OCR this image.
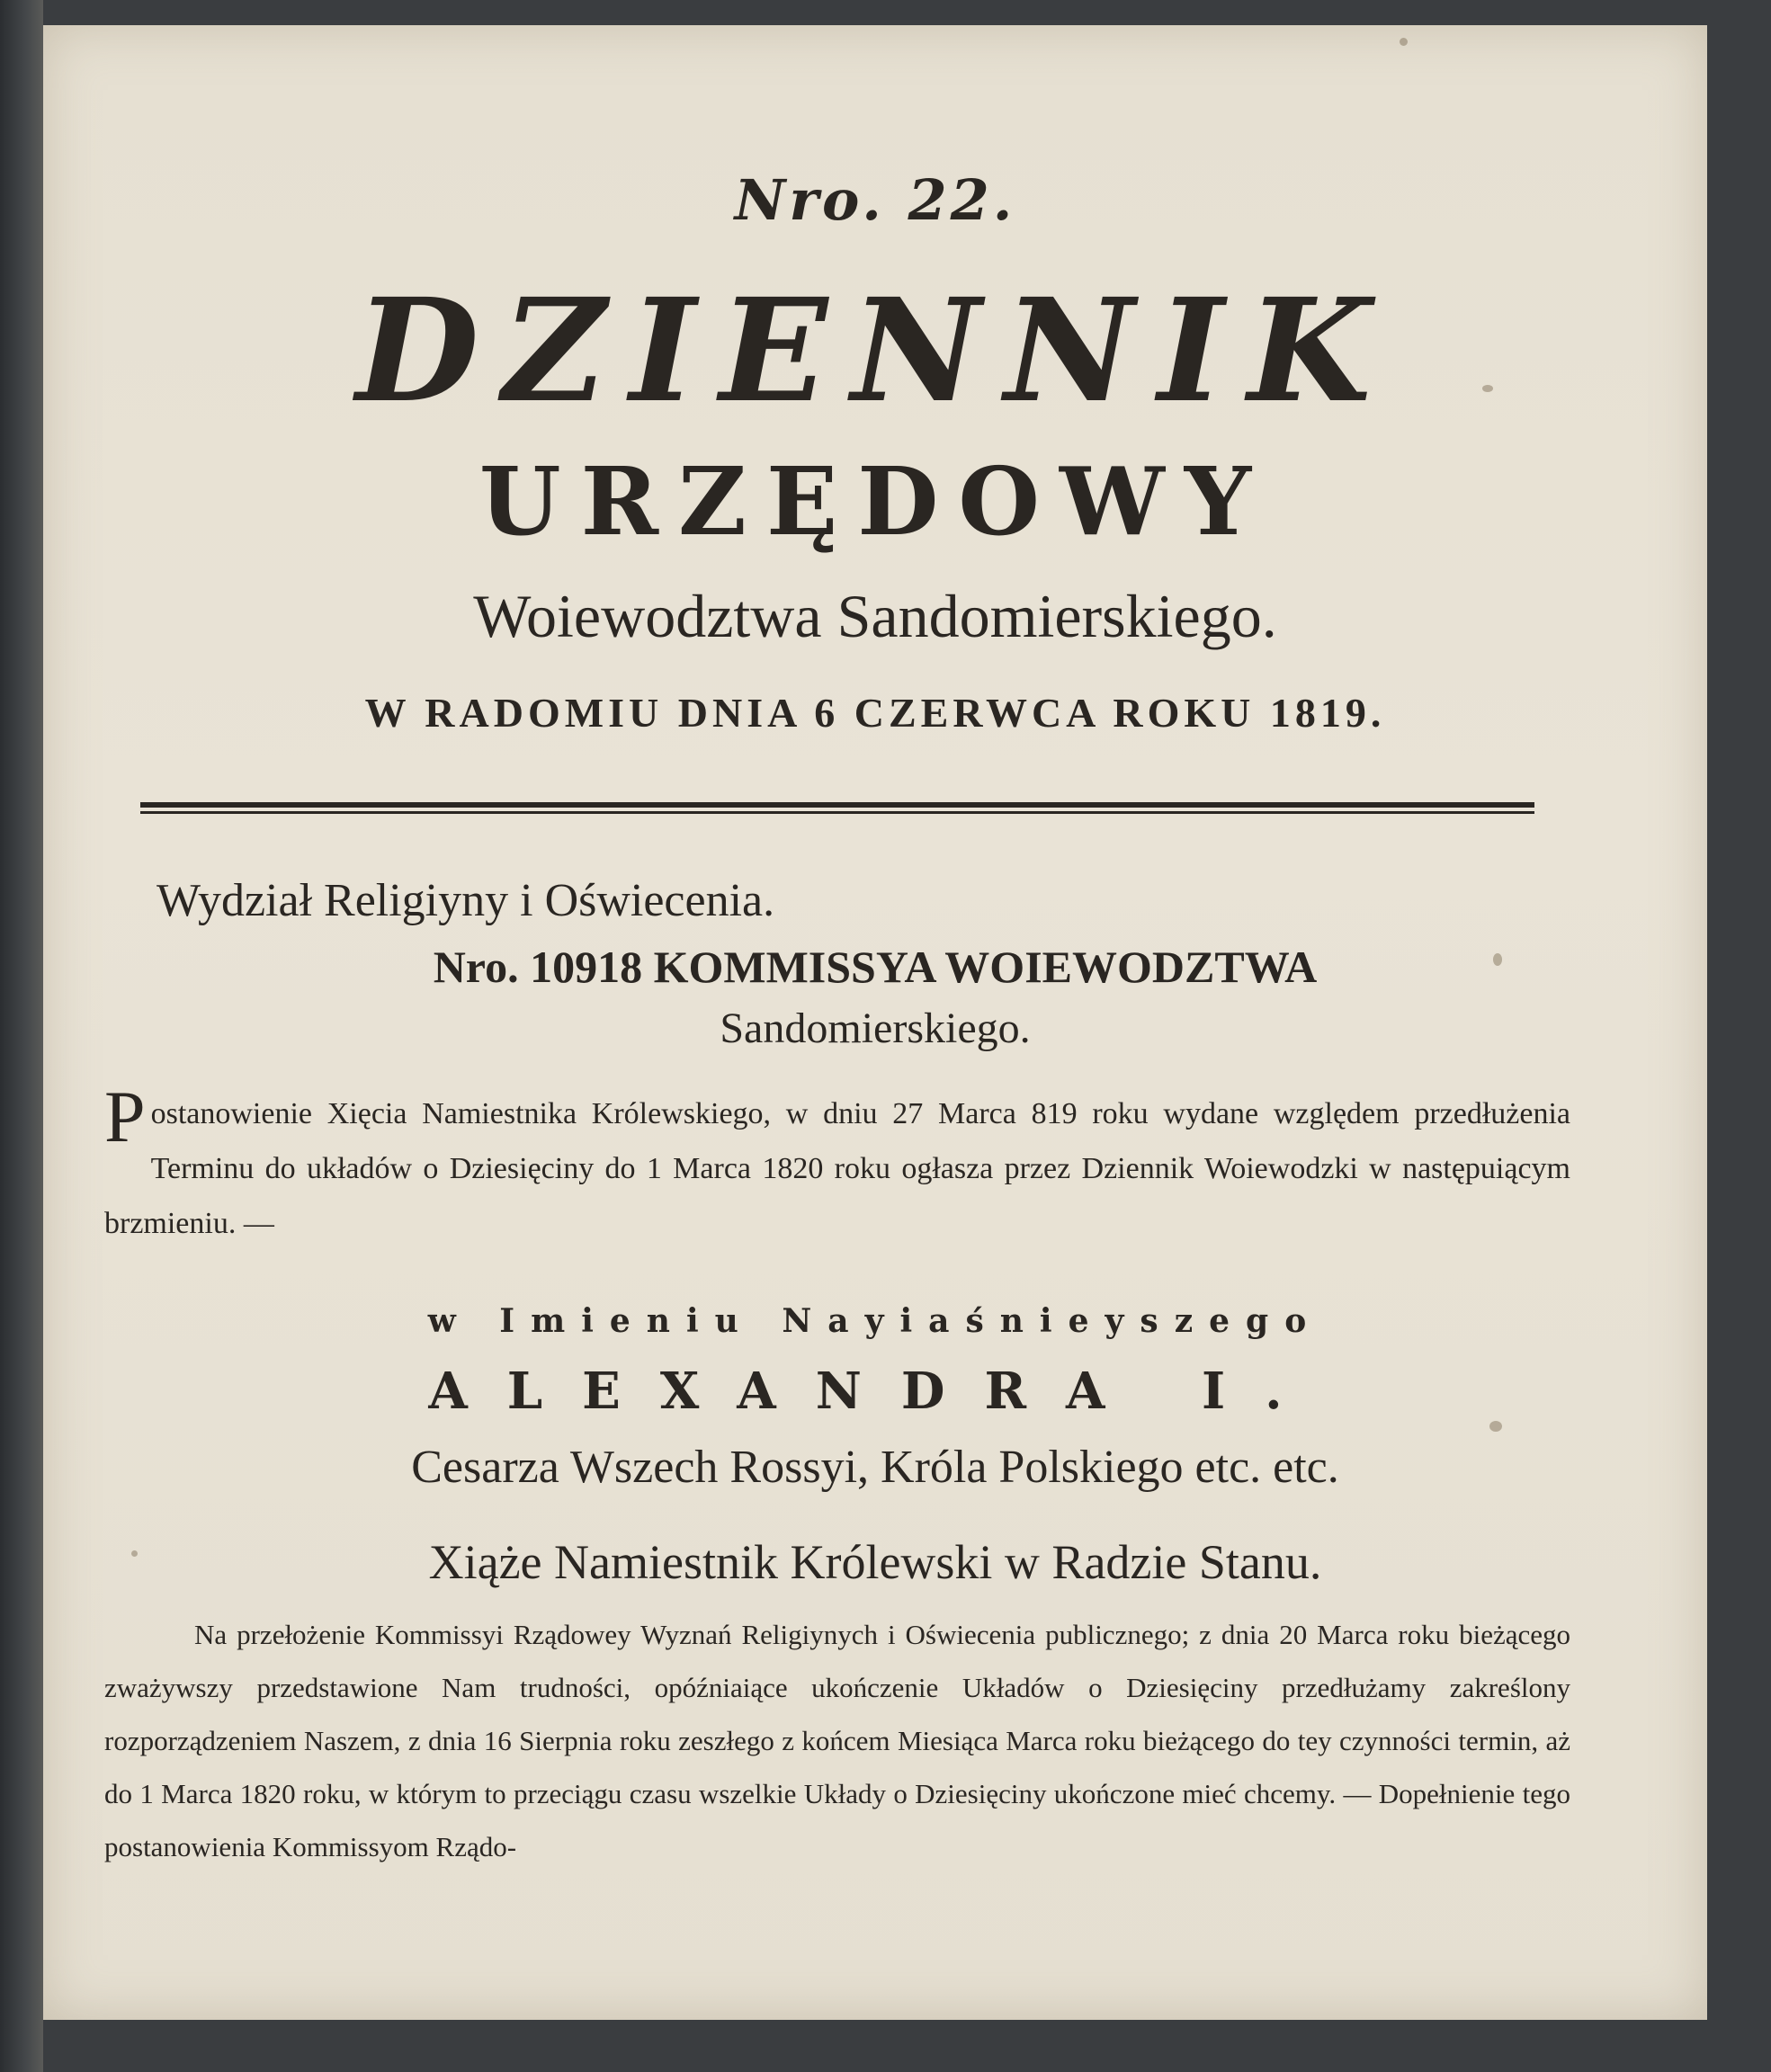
Nro. 22.
DZIENNIK
URZĘDOWY
Woiewodztwa Sandomierskiego.
W RADOMIU DNIA 6 CZERWCA ROKU 1819.
Wydział Religiyny i Oświecenia.
Nro. 10918 KOMMISSYA WOIEWODZTWA
Sandomierskiego.
P ostanowienie Xięcia Namiestnika Królewskiego, w dniu 27 Marca 819 roku wydane względem przedłużenia Terminu do układów o Dziesięciny do 1 Marca 1820 roku ogłasza przez Dziennik Woiewodzki w następuiącym brzmieniu. —
w Imieniu Nayiaśnieyszego
ALEXANDRA I.
Cesarza Wszech Rossyi, Króla Polskiego etc. etc.
Xiąże Namiestnik Królewski w Radzie Stanu.
Na przełożenie Kommissyi Rządowey Wyznań Religiynych i Oświecenia publicznego; z dnia 20 Marca roku bieżącego zważywszy przedstawione Nam trudności, opóźniaiące ukończenie Układów o Dziesięciny przedłużamy zakreślony rozporządzeniem Naszem, z dnia 16 Sierpnia roku zeszłego z końcem Miesiąca Marca roku bieżącego do tey czynności termin, aż do 1 Marca 1820 roku, w którym to przeciągu czasu wszelkie Układy o Dziesięciny ukończone mieć chcemy. — Dopełnienie tego postanowienia Kommissyom Rządo-
